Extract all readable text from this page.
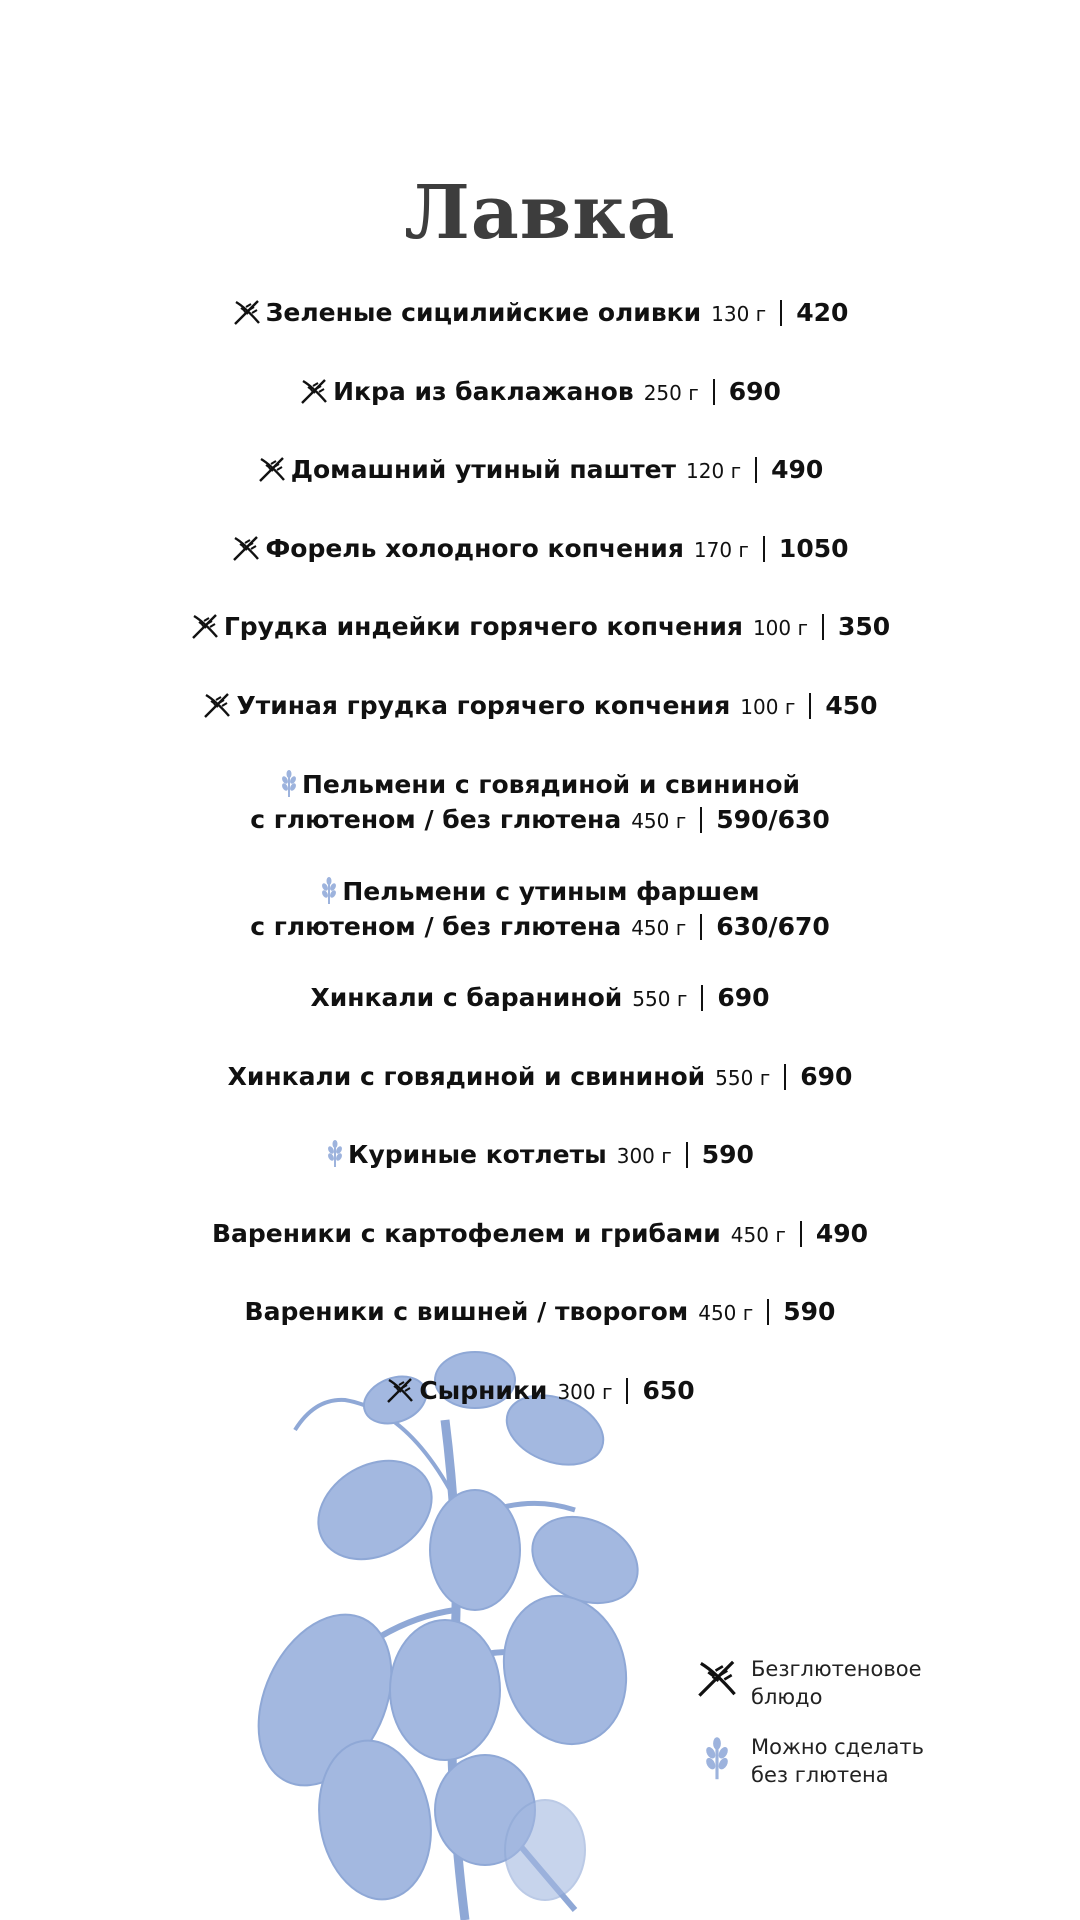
Лавка
Зеленые сицилийские оливки 130 г 420
Икра из баклажанов 250 г 690
Домашний утиный паштет 120 г 490
Форель холодного копчения 170 г 1050
Грудка индейки горячего копчения 100 г 350
Утиная грудка горячего копчения 100 г 450
Пельмени с говядиной и свининой
с глютеном / без глютена 450 г 590/630
Пельмени с утиным фаршем
с глютеном / без глютена 450 г 630/670
Хинкали с бараниной 550 г 690
Хинкали с говядиной и свининой 550 г 690
Куриные котлеты 300 г 590
Вареники с картофелем и грибами 450 г 490
Вареники с вишней / творогом 450 г 590
Сырники 300 г 650
Безглютеновое
блюдо
Можно сделать
без глютена
